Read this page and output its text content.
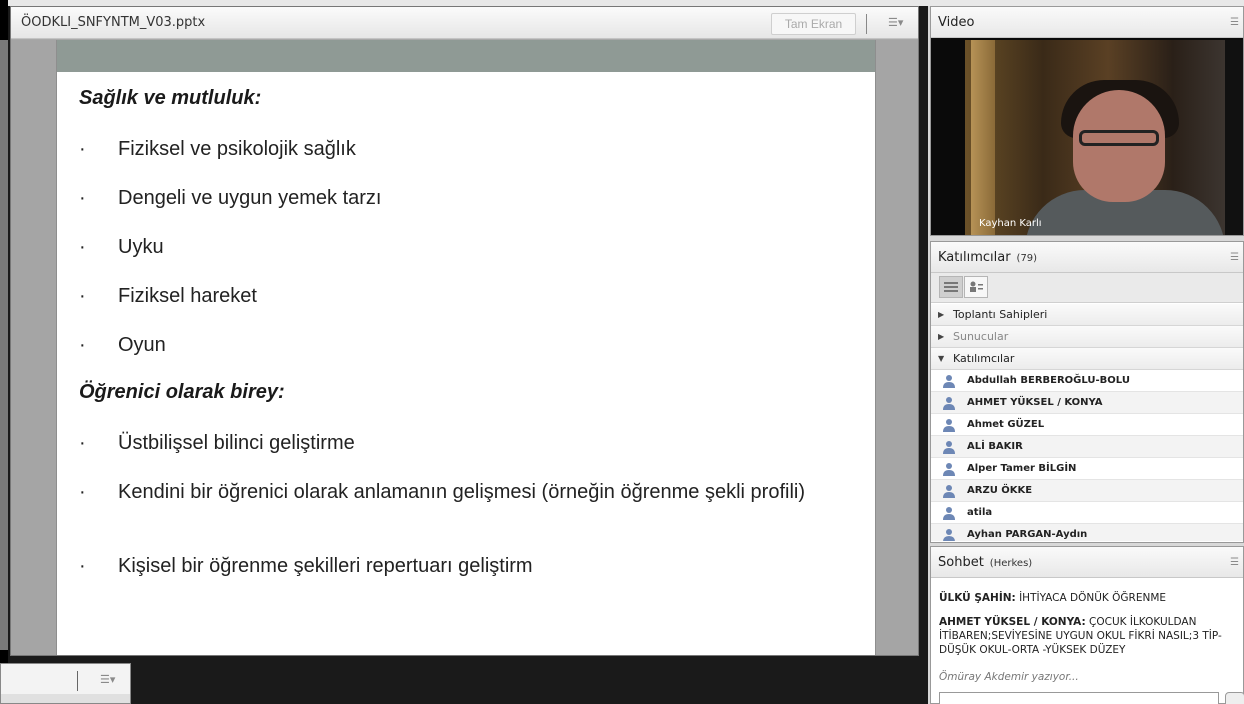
ÖODKLI_SNFYNTM_V03.pptx	Tam Ekran	☰▾
Sağlık ve mutluluk:
·	Fiziksel ve psikolojik sağlık
·	Dengeli ve uygun yemek tarzı
·	Uyku
·	Fiziksel hareket
·	Oyun
Öğrenici olarak birey:
·	Üstbilişsel bilinci geliştirme
·	Kendini bir öğrenici olarak anlamanın gelişmesi (örneğin öğrenme şekli profili)
·	Kişisel bir öğrenme şekilleri repertuarı geliştirm
☰▾
Video	☰
Kayhan Karlı
Katılımcılar (79)	☰
▶ Toplantı Sahipleri
▶ Sunucular
▼ Katılımcılar
Abdullah BERBEROĞLU-BOLU
AHMET YÜKSEL / KONYA
Ahmet GÜZEL
ALİ BAKIR
Alper Tamer BİLGİN
ARZU ÖKKE
atila
Ayhan PARGAN-Aydın
Sohbet (Herkes)	☰
ÜLKÜ ŞAHİN: İHTİYACA DÖNÜK ÖĞRENME
AHMET YÜKSEL / KONYA: ÇOCUK İLKOKULDAN İTİBAREN;SEVİYESİNE UYGUN OKUL FİKRİ NASIL;3 TİP-DÜŞÜK OKUL-ORTA -YÜKSEK DÜZEY
Ömüray Akdemir yazıyor...
